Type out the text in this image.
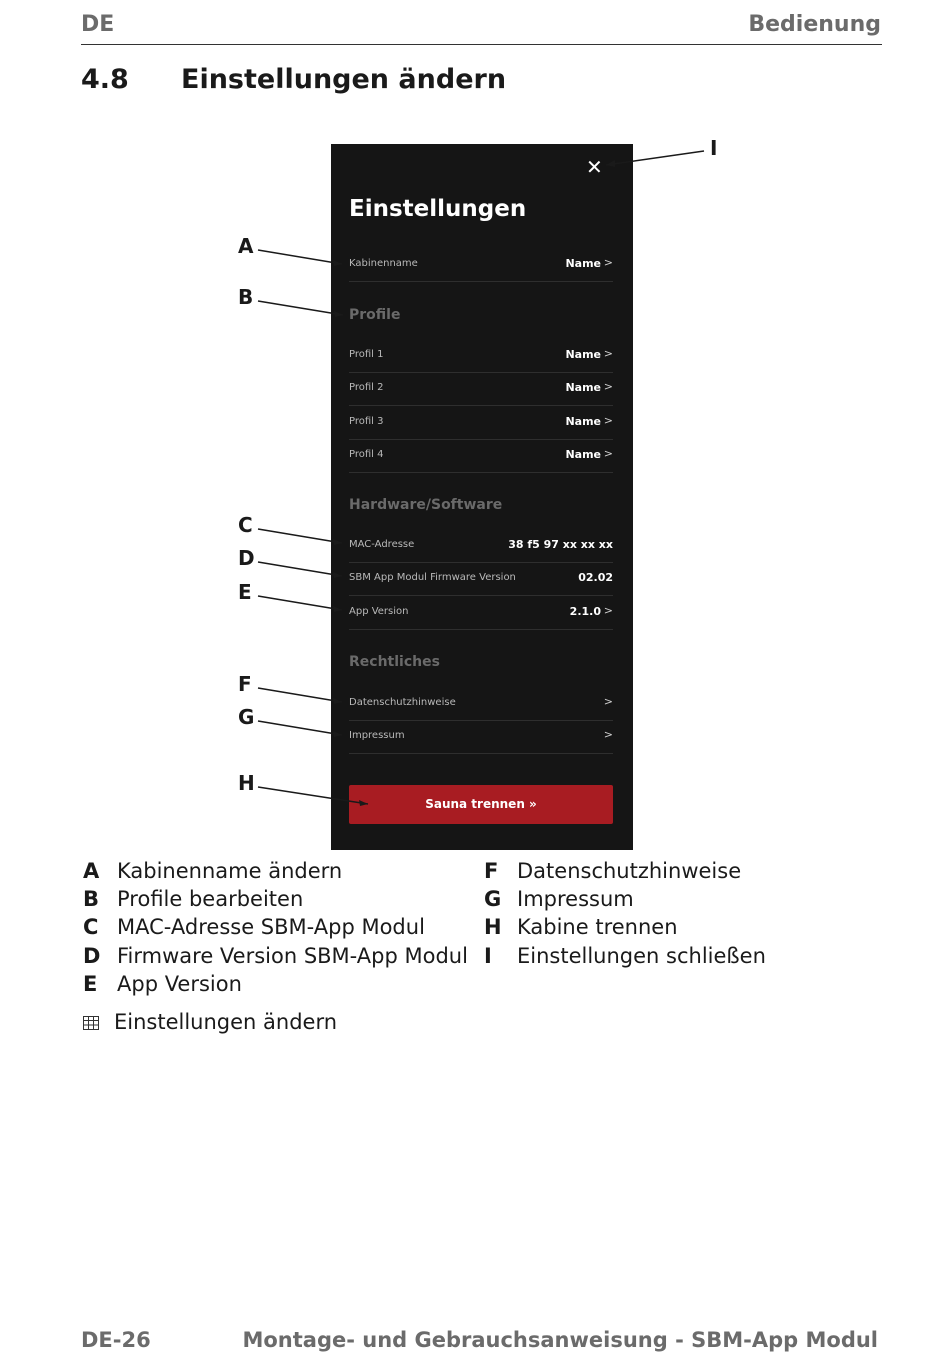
DE	Bedienung
4.8 Einstellungen ändern
✕
Einstellungen
Kabinenname	Name >
Profile
Profil 1	Name >
Profil 2	Name >
Profil 3	Name >
Profil 4	Name >
Hardware/Software
MAC-Adresse	38 f5 97 xx xx xx
SBM App Modul Firmware Version	02.02
App Version	2.1.0 >
Rechtliches
Datenschutzhinweise	>
Impressum	>
Sauna trennen »
A
B
C
D
E
F
G
H
I
A Kabinenname ändern
B Profile bearbeiten
C MAC-Adresse SBM-App Modul
D Firmware Version SBM-App Modul
E App Version
F Datenschutzhinweise
G Impressum
H Kabine trennen
I Einstellungen schließen
Einstellungen ändern
DE-26	Montage- und Gebrauchsanweisung - SBM-App Modul
